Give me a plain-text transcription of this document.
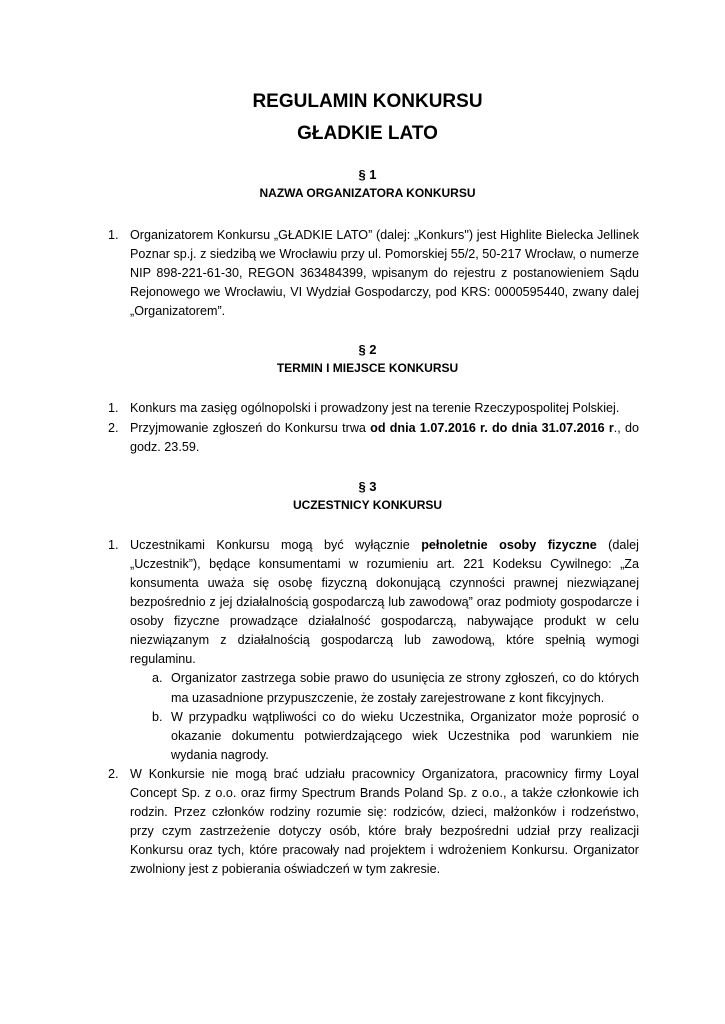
REGULAMIN KONKURSU
GŁADKIE LATO

§ 1

NAZWA ORGANIZATORA KONKURSU

1. Organizatorem Konkursu „GŁADKIE LATO” (dalej: „Konkurs") jest Highlite Bielecka Jellinek Poznar sp.j. z siedzibą we Wrocławiu przy ul. Pomorskiej 55/2, 50-217 Wrocław, o numerze NIP 898-221-61-30, REGON 363484399, wpisanym do rejestru z postanowieniem Sądu Rejonowego we Wrocławiu, VI Wydział Gospodarczy, pod KRS: 0000595440, zwany dalej „Organizatorem”.

§ 2

TERMIN I MIEJSCE KONKURSU

1. Konkurs ma zasięg ogólnopolski i prowadzony jest na terenie Rzeczypospolitej Polskiej.
2. Przyjmowanie zgłoszeń do Konkursu trwa od dnia 1.07.2016 r. do dnia 31.07.2016 r., do godz. 23.59.

§ 3

UCZESTNICY KONKURSU

1. Uczestnikami Konkursu mogą być wyłącznie pełnoletnie osoby fizyczne (dalej „Uczestnik”), będące konsumentami w rozumieniu art. 221 Kodeksu Cywilnego: „Za konsumenta uważa się osobę fizyczną dokonującą czynności prawnej niezwiązanej bezpośrednio z jej działalnością gospodarczą lub zawodową” oraz podmioty gospodarcze i osoby fizyczne prowadzące działalność gospodarczą, nabywające produkt w celu niezwiązanym z działalnością gospodarczą lub zawodową, które spełnią wymogi regulaminu.
a. Organizator zastrzega sobie prawo do usunięcia ze strony zgłoszeń, co do których ma uzasadnione przypuszczenie, że zostały zarejestrowane z kont fikcyjnych.
b. W przypadku wątpliwości co do wieku Uczestnika, Organizator może poprosić o okazanie dokumentu potwierdzającego wiek Uczestnika pod warunkiem nie wydania nagrody.
2. W Konkursie nie mogą brać udziału pracownicy Organizatora, pracownicy firmy Loyal Concept Sp. z o.o. oraz firmy Spectrum Brands Poland Sp. z o.o., a także członkowie ich rodzin. Przez członków rodziny rozumie się: rodziców, dzieci, małżonków i rodzeństwo, przy czym zastrzeżenie dotyczy osób, które brały bezpośredni udział przy realizacji Konkursu oraz tych, które pracowały nad projektem i wdrożeniem Konkursu. Organizator zwolniony jest z pobierania oświadczeń w tym zakresie.
